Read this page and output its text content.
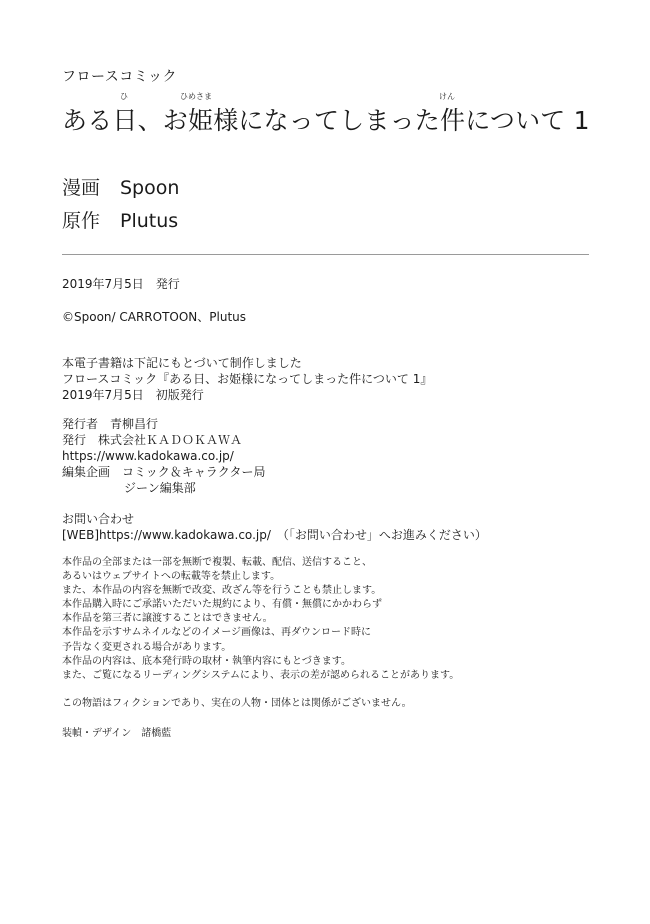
フロースコミック
ひ	ひめさま	けん
ある日、お姫様になってしまった件について 1
漫画	Spoon
原作	Plutus
2019年7月5日　発行
©Spoon/ CARROTOON、Plutus
本電子書籍は下記にもとづいて制作しました
フロースコミック『ある日、お姫様になってしまった件について 1』
2019年7月5日　初版発行
発行者　青柳昌行
発行　株式会社ＫＡＤＯＫＡＷＡ
https://www.kadokawa.co.jp/
編集企画　コミック＆キャラクター局
ジーン編集部
お問い合わせ
[WEB]https://www.kadokawa.co.jp/　（「お問い合わせ」へお進みください）
本作品の全部または一部を無断で複製、転載、配信、送信すること、
あるいはウェブサイトへの転載等を禁止します。
また、本作品の内容を無断で改変、改ざん等を行うことも禁止します。
本作品購入時にご承諾いただいた規約により、有償・無償にかかわらず
本作品を第三者に譲渡することはできません。
本作品を示すサムネイルなどのイメージ画像は、再ダウンロード時に
予告なく変更される場合があります。
本作品の内容は、底本発行時の取材・執筆内容にもとづきます。
また、ご覧になるリーディングシステムにより、表示の差が認められることがあります。
この物語はフィクションであり、実在の人物・団体とは関係がございません。
装幀・デザイン　諸橋藍
